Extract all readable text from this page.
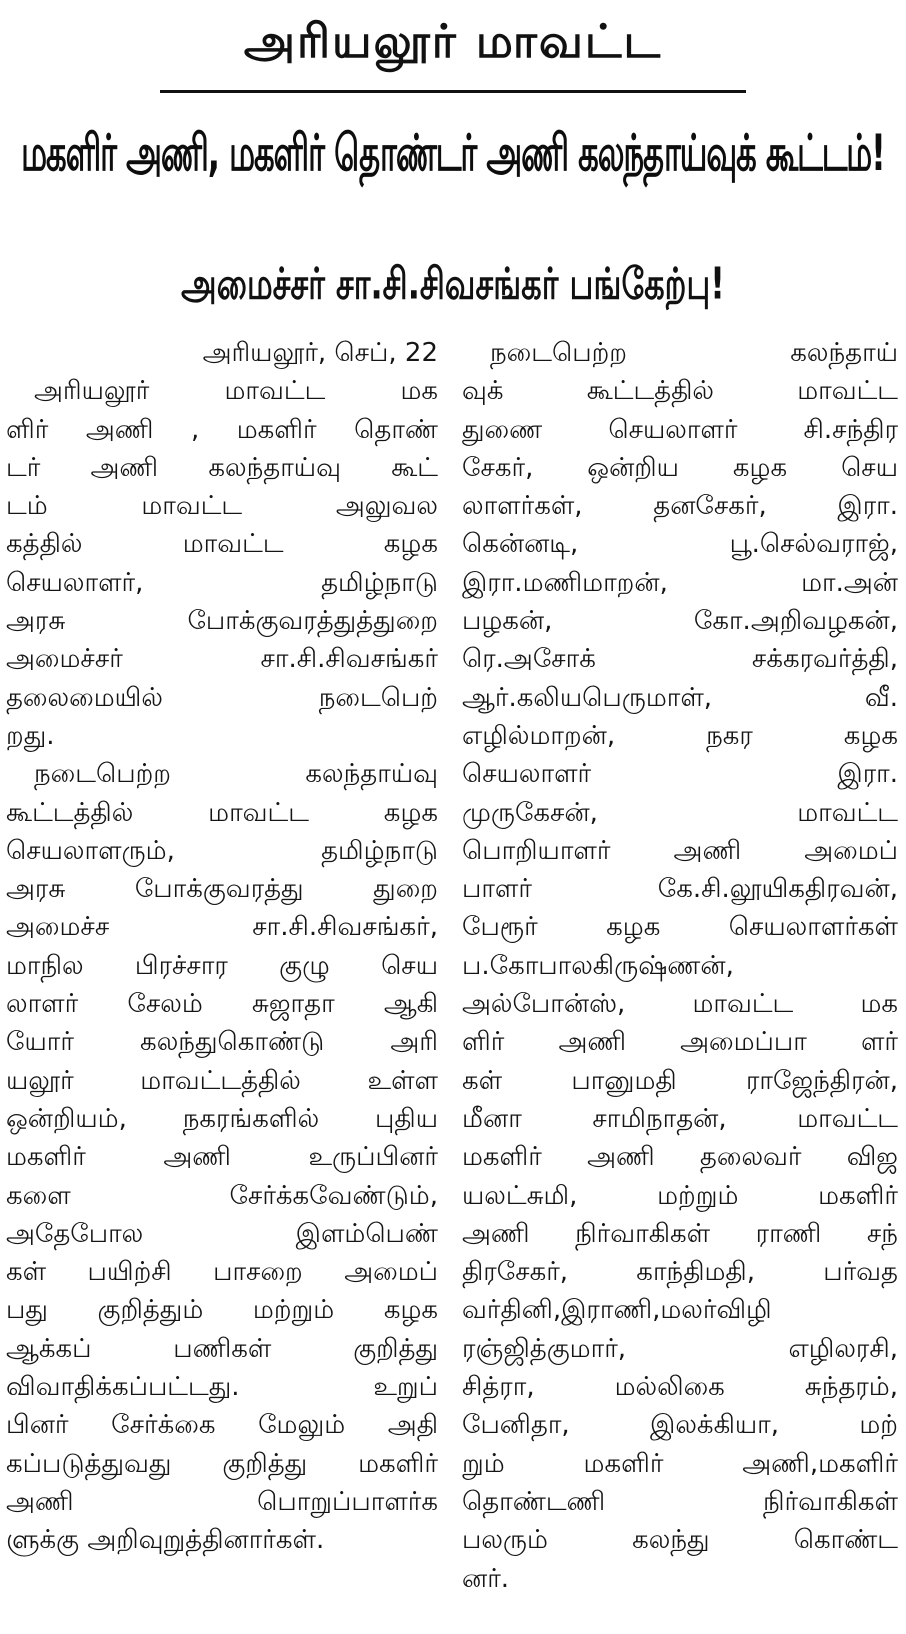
அரியலூர் மாவட்ட
மகளிர் அணி, மகளிர் தொண்டர் அணி கலந்தாய்வுக் கூட்டம்!
அமைச்சர் சா.சி.சிவசங்கர் பங்கேற்பு!
அரியலூர், செப், 22
அரியலூர் மாவட்ட மக
ளிர் அணி , மகளிர் தொண்
டர் அணி கலந்தாய்வு கூட்
டம் மாவட்ட அலுவல
கத்தில் மாவட்ட கழக
செயலாளர், தமிழ்நாடு
அரசு போக்குவரத்துத்துறை
அமைச்சர் சா.சி.சிவசங்கர்
தலைமையில் நடைபெற்
றது.
நடைபெற்ற கலந்தாய்வு
கூட்டத்தில் மாவட்ட கழக
செயலாளரும், தமிழ்நாடு
அரசு போக்குவரத்து துறை
அமைச்ச சா.சி.சிவசங்கர்,
மாநில பிரச்சார குழு செய
லாளர் சேலம் சுஜாதா ஆகி
யோர் கலந்துகொண்டு அரி
யலூர் மாவட்டத்தில் உள்ள
ஒன்றியம், நகரங்களில் புதிய
மகளிர் அணி உருப்பினர்
களை சேர்க்கவேண்டும்,
அதேபோல இளம்பெண்
கள் பயிற்சி பாசறை அமைப்
பது குறித்தும் மற்றும் கழக
ஆக்கப் பணிகள் குறித்து
விவாதிக்கப்பட்டது. உறுப்
பினர் சேர்க்கை மேலும் அதி
கப்படுத்துவது குறித்து மகளிர்
அணி பொறுப்பாளர்க
ளுக்கு அறிவுறுத்தினார்கள்.
நடைபெற்ற கலந்தாய்
வுக் கூட்டத்தில் மாவட்ட
துணை செயலாளர் சி.சந்திர
சேகர், ஒன்றிய கழக செய
லாளர்கள், தனசேகர், இரா.
கென்னடி, பூ.செல்வராஜ்,
இரா.மணிமாறன், மா.அன்
பழகன், கோ.அறிவழகன்,
ரெ.அசோக் சக்கரவர்த்தி,
ஆர்.கலியபெருமாள், வீ.
எழில்மாறன், நகர கழக
செயலாளர் இரா.
முருகேசன், மாவட்ட
பொறியாளர் அணி அமைப்
பாளர் கே.சி.லூயிகதிரவன்,
பேரூர் கழக செயலாளர்கள்
ப.கோபாலகிருஷ்ணன்,
அல்போன்ஸ், மாவட்ட மக
ளிர் அணி அமைப்பா ளர்
கள் பானுமதி ராஜேந்திரன்,
மீனா சாமிநாதன், மாவட்ட
மகளிர் அணி தலைவர் விஜ
யலட்சுமி, மற்றும் மகளிர்
அணி நிர்வாகிகள் ராணி சந்
திரசேகர், காந்திமதி, பர்வத
வர்தினி,இராணி,மலர்விழி
ரஞ்ஜித்குமார், எழிலரசி,
சித்ரா, மல்லிகை சுந்தரம்,
பேனிதா, இலக்கியா, மற்
றும் மகளிர் அணி,மகளிர்
தொண்டணி நிர்வாகிகள்
பலரும் கலந்து கொண்ட
னர்.
